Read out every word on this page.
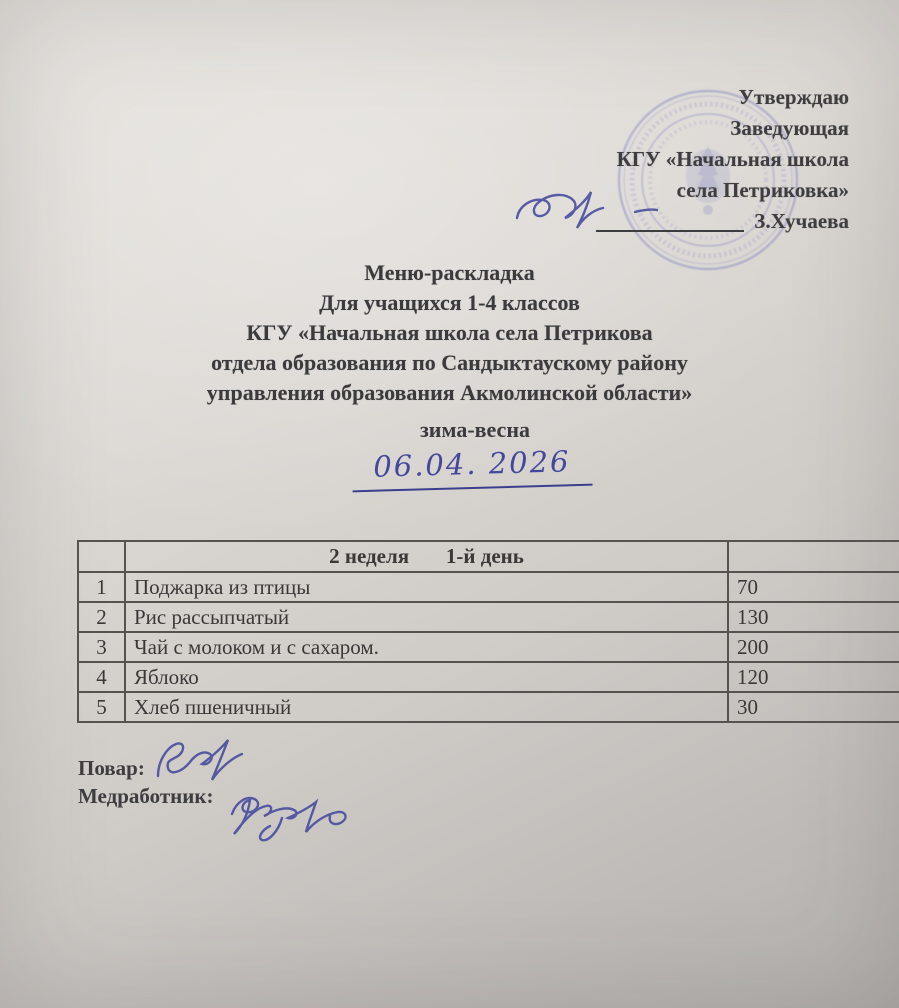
Утверждаю
Заведующая
КГУ «Начальная школа
села Петриковка»
З.Хучаева
Меню-раскладка
Для учащихся 1-4 классов
КГУ «Начальная школа села Петрикова
отдела образования по Сандыктаускому району
управления образования Акмолинской области»
зима-весна
06.04. 2026
	2 неделя       1-й день	
1	Поджарка из птицы	70
2	Рис рассыпчатый	130
3	Чай с молоком и с сахаром.	200
4	Яблоко	120
5	Хлеб пшеничный	30
Повар:
Медработник:
